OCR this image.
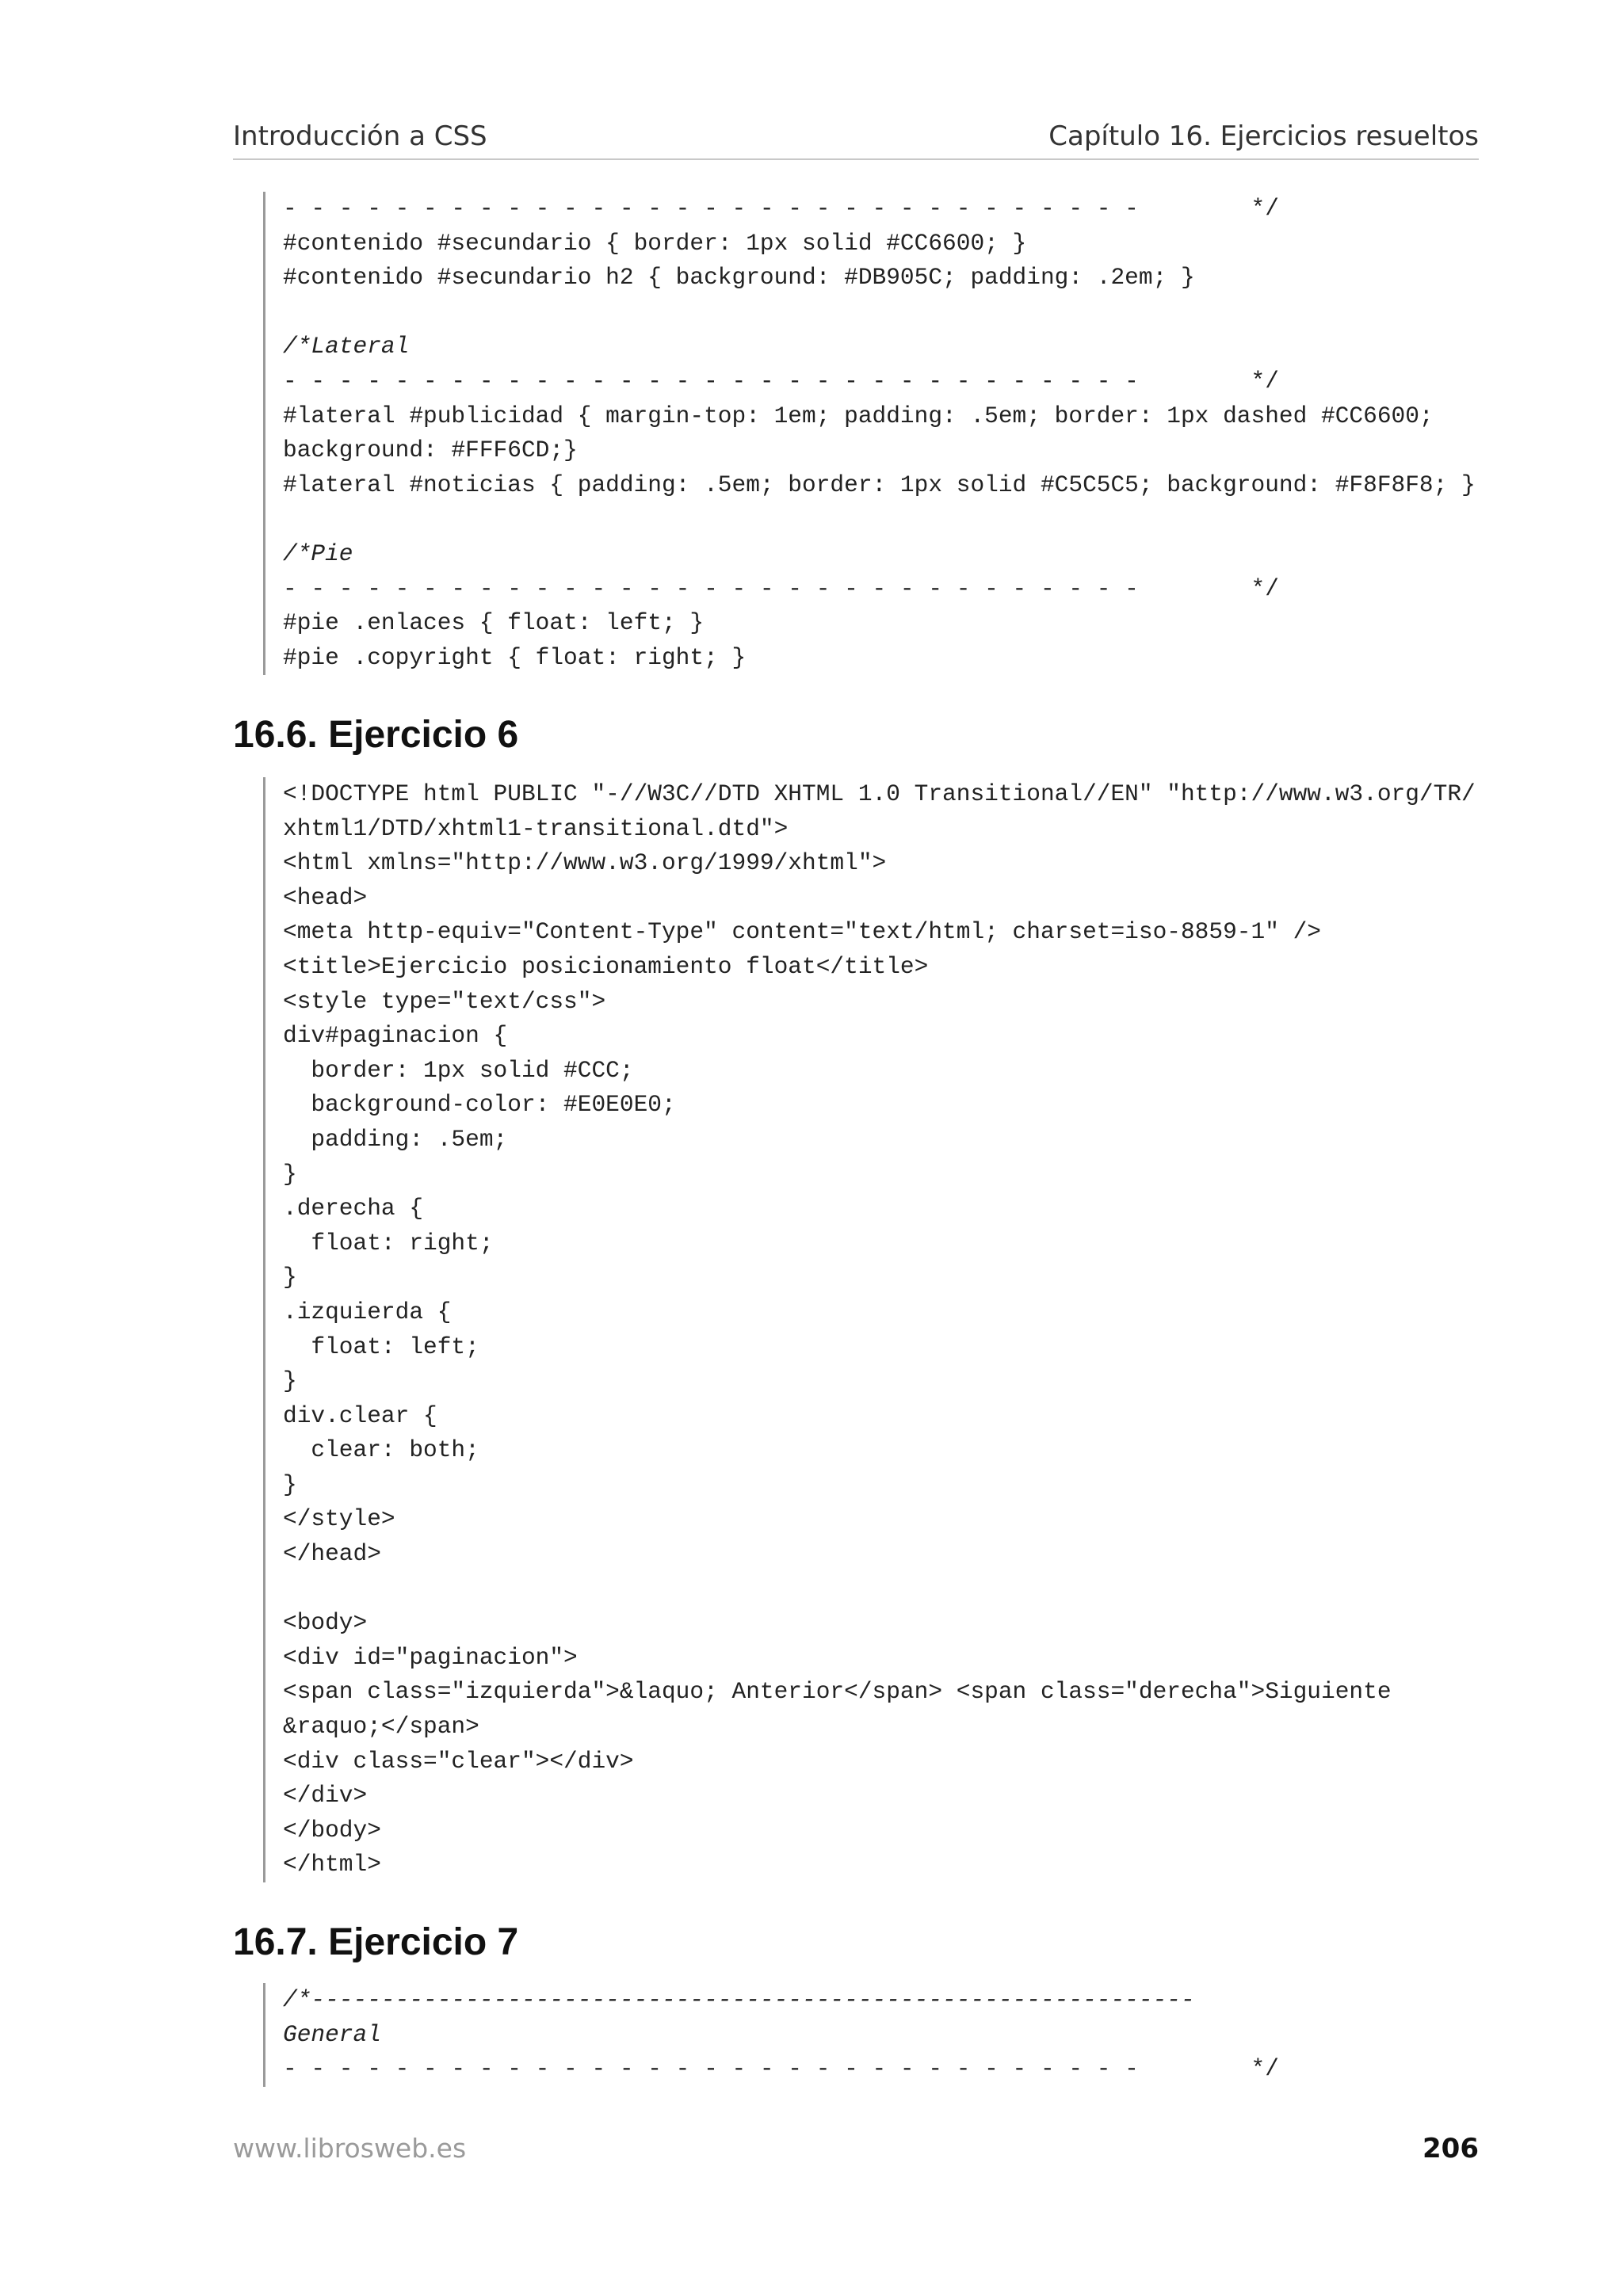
Introducción a CSS	Capítulo 16. Ejercicios resueltos
- - - - - - - - - - - - - - - - - - - - - - - - - - - - - - -        */
#contenido #secundario { border: 1px solid #CC6600; }
#contenido #secundario h2 { background: #DB905C; padding: .2em; }
/*Lateral
- - - - - - - - - - - - - - - - - - - - - - - - - - - - - - -        */
#lateral #publicidad { margin-top: 1em; padding: .5em; border: 1px dashed #CC6600;
background: #FFF6CD;}
#lateral #noticias { padding: .5em; border: 1px solid #C5C5C5; background: #F8F8F8; }
/*Pie
- - - - - - - - - - - - - - - - - - - - - - - - - - - - - - -        */
#pie .enlaces { float: left; }
#pie .copyright { float: right; }
16.6. Ejercicio 6
<!DOCTYPE html PUBLIC "-//W3C//DTD XHTML 1.0 Transitional//EN" "http://www.w3.org/TR/
xhtml1/DTD/xhtml1-transitional.dtd">
<html xmlns="http://www.w3.org/1999/xhtml">
<head>
<meta http-equiv="Content-Type" content="text/html; charset=iso-8859-1" />
<title>Ejercicio posicionamiento float</title>
<style type="text/css">
div#paginacion {
border: 1px solid #CCC;
background-color: #E0E0E0;
padding: .5em;
}
.derecha {
float: right;
}
.izquierda {
float: left;
}
div.clear {
clear: both;
}
</style>
</head>
<body>
<div id="paginacion">
<span class="izquierda">&laquo; Anterior</span> <span class="derecha">Siguiente
&raquo;</span>
<div class="clear"></div>
</div>
</body>
</html>
16.7. Ejercicio 7
/*---------------------------------------------------------------
General
- - - - - - - - - - - - - - - - - - - - - - - - - - - - - - -        */
www.librosweb.es	206
